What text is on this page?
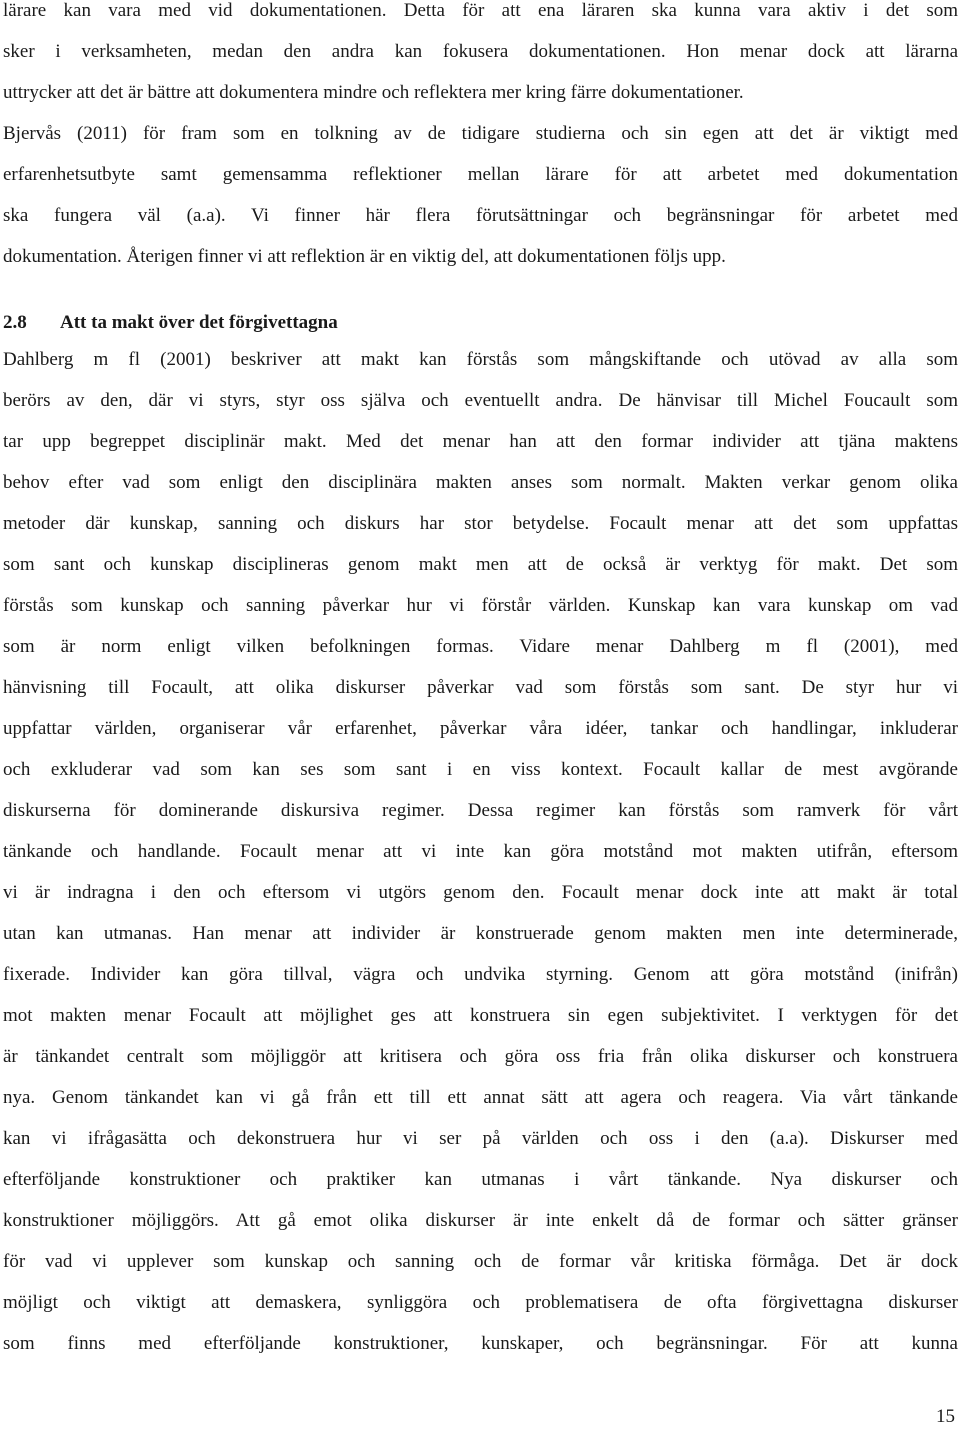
lärare kan vara med vid dokumentationen. Detta för att ena läraren ska kunna vara aktiv i det som
sker i verksamheten, medan den andra kan fokusera dokumentationen. Hon menar dock att lärarna
uttrycker att det är bättre att dokumentera mindre och reflektera mer kring färre dokumentationer.
Bjervås (2011) för fram som en tolkning av de tidigare studierna och sin egen att det är viktigt med
erfarenhetsutbyte samt gemensamma reflektioner mellan lärare för att arbetet med dokumentation
ska fungera väl (a.a). Vi finner här flera förutsättningar och begränsningar för arbetet med
dokumentation. Återigen finner vi att reflektion är en viktig del, att dokumentationen följs upp.
2.8 Att ta makt över det förgivettagna
Dahlberg m fl (2001) beskriver att makt kan förstås som mångskiftande och utövad av alla som
berörs av den, där vi styrs, styr oss själva och eventuellt andra. De hänvisar till Michel Foucault som
tar upp begreppet disciplinär makt. Med det menar han att den formar individer att tjäna maktens
behov efter vad som enligt den disciplinära makten anses som normalt. Makten verkar genom olika
metoder där kunskap, sanning och diskurs har stor betydelse. Focault menar att det som uppfattas
som sant och kunskap disciplineras genom makt men att de också är verktyg för makt. Det som
förstås som kunskap och sanning påverkar hur vi förstår världen. Kunskap kan vara kunskap om vad
som är norm enligt vilken befolkningen formas. Vidare menar Dahlberg m fl (2001), med
hänvisning till Focault, att olika diskurser påverkar vad som förstås som sant. De styr hur vi
uppfattar världen, organiserar vår erfarenhet, påverkar våra idéer, tankar och handlingar, inkluderar
och exkluderar vad som kan ses som sant i en viss kontext. Focault kallar de mest avgörande
diskurserna för dominerande diskursiva regimer. Dessa regimer kan förstås som ramverk för vårt
tänkande och handlande. Focault menar att vi inte kan göra motstånd mot makten utifrån, eftersom
vi är indragna i den och eftersom vi utgörs genom den. Focault menar dock inte att makt är total
utan kan utmanas. Han menar att individer är konstruerade genom makten men inte determinerade,
fixerade. Individer kan göra tillval, vägra och undvika styrning. Genom att göra motstånd (inifrån)
mot makten menar Focault att möjlighet ges att konstruera sin egen subjektivitet. I verktygen för det
är tänkandet centralt som möjliggör att kritisera och göra oss fria från olika diskurser och konstruera
nya. Genom tänkandet kan vi gå från ett till ett annat sätt att agera och reagera. Via vårt tänkande
kan vi ifrågasätta och dekonstruera hur vi ser på världen och oss i den (a.a). Diskurser med
efterföljande konstruktioner och praktiker kan utmanas i vårt tänkande. Nya diskurser och
konstruktioner möjliggörs. Att gå emot olika diskurser är inte enkelt då de formar och sätter gränser
för vad vi upplever som kunskap och sanning och de formar vår kritiska förmåga. Det är dock
möjligt och viktigt att demaskera, synliggöra och problematisera de ofta förgivettagna diskurser
som finns med efterföljande konstruktioner, kunskaper, och begränsningar. För att kunna
15
